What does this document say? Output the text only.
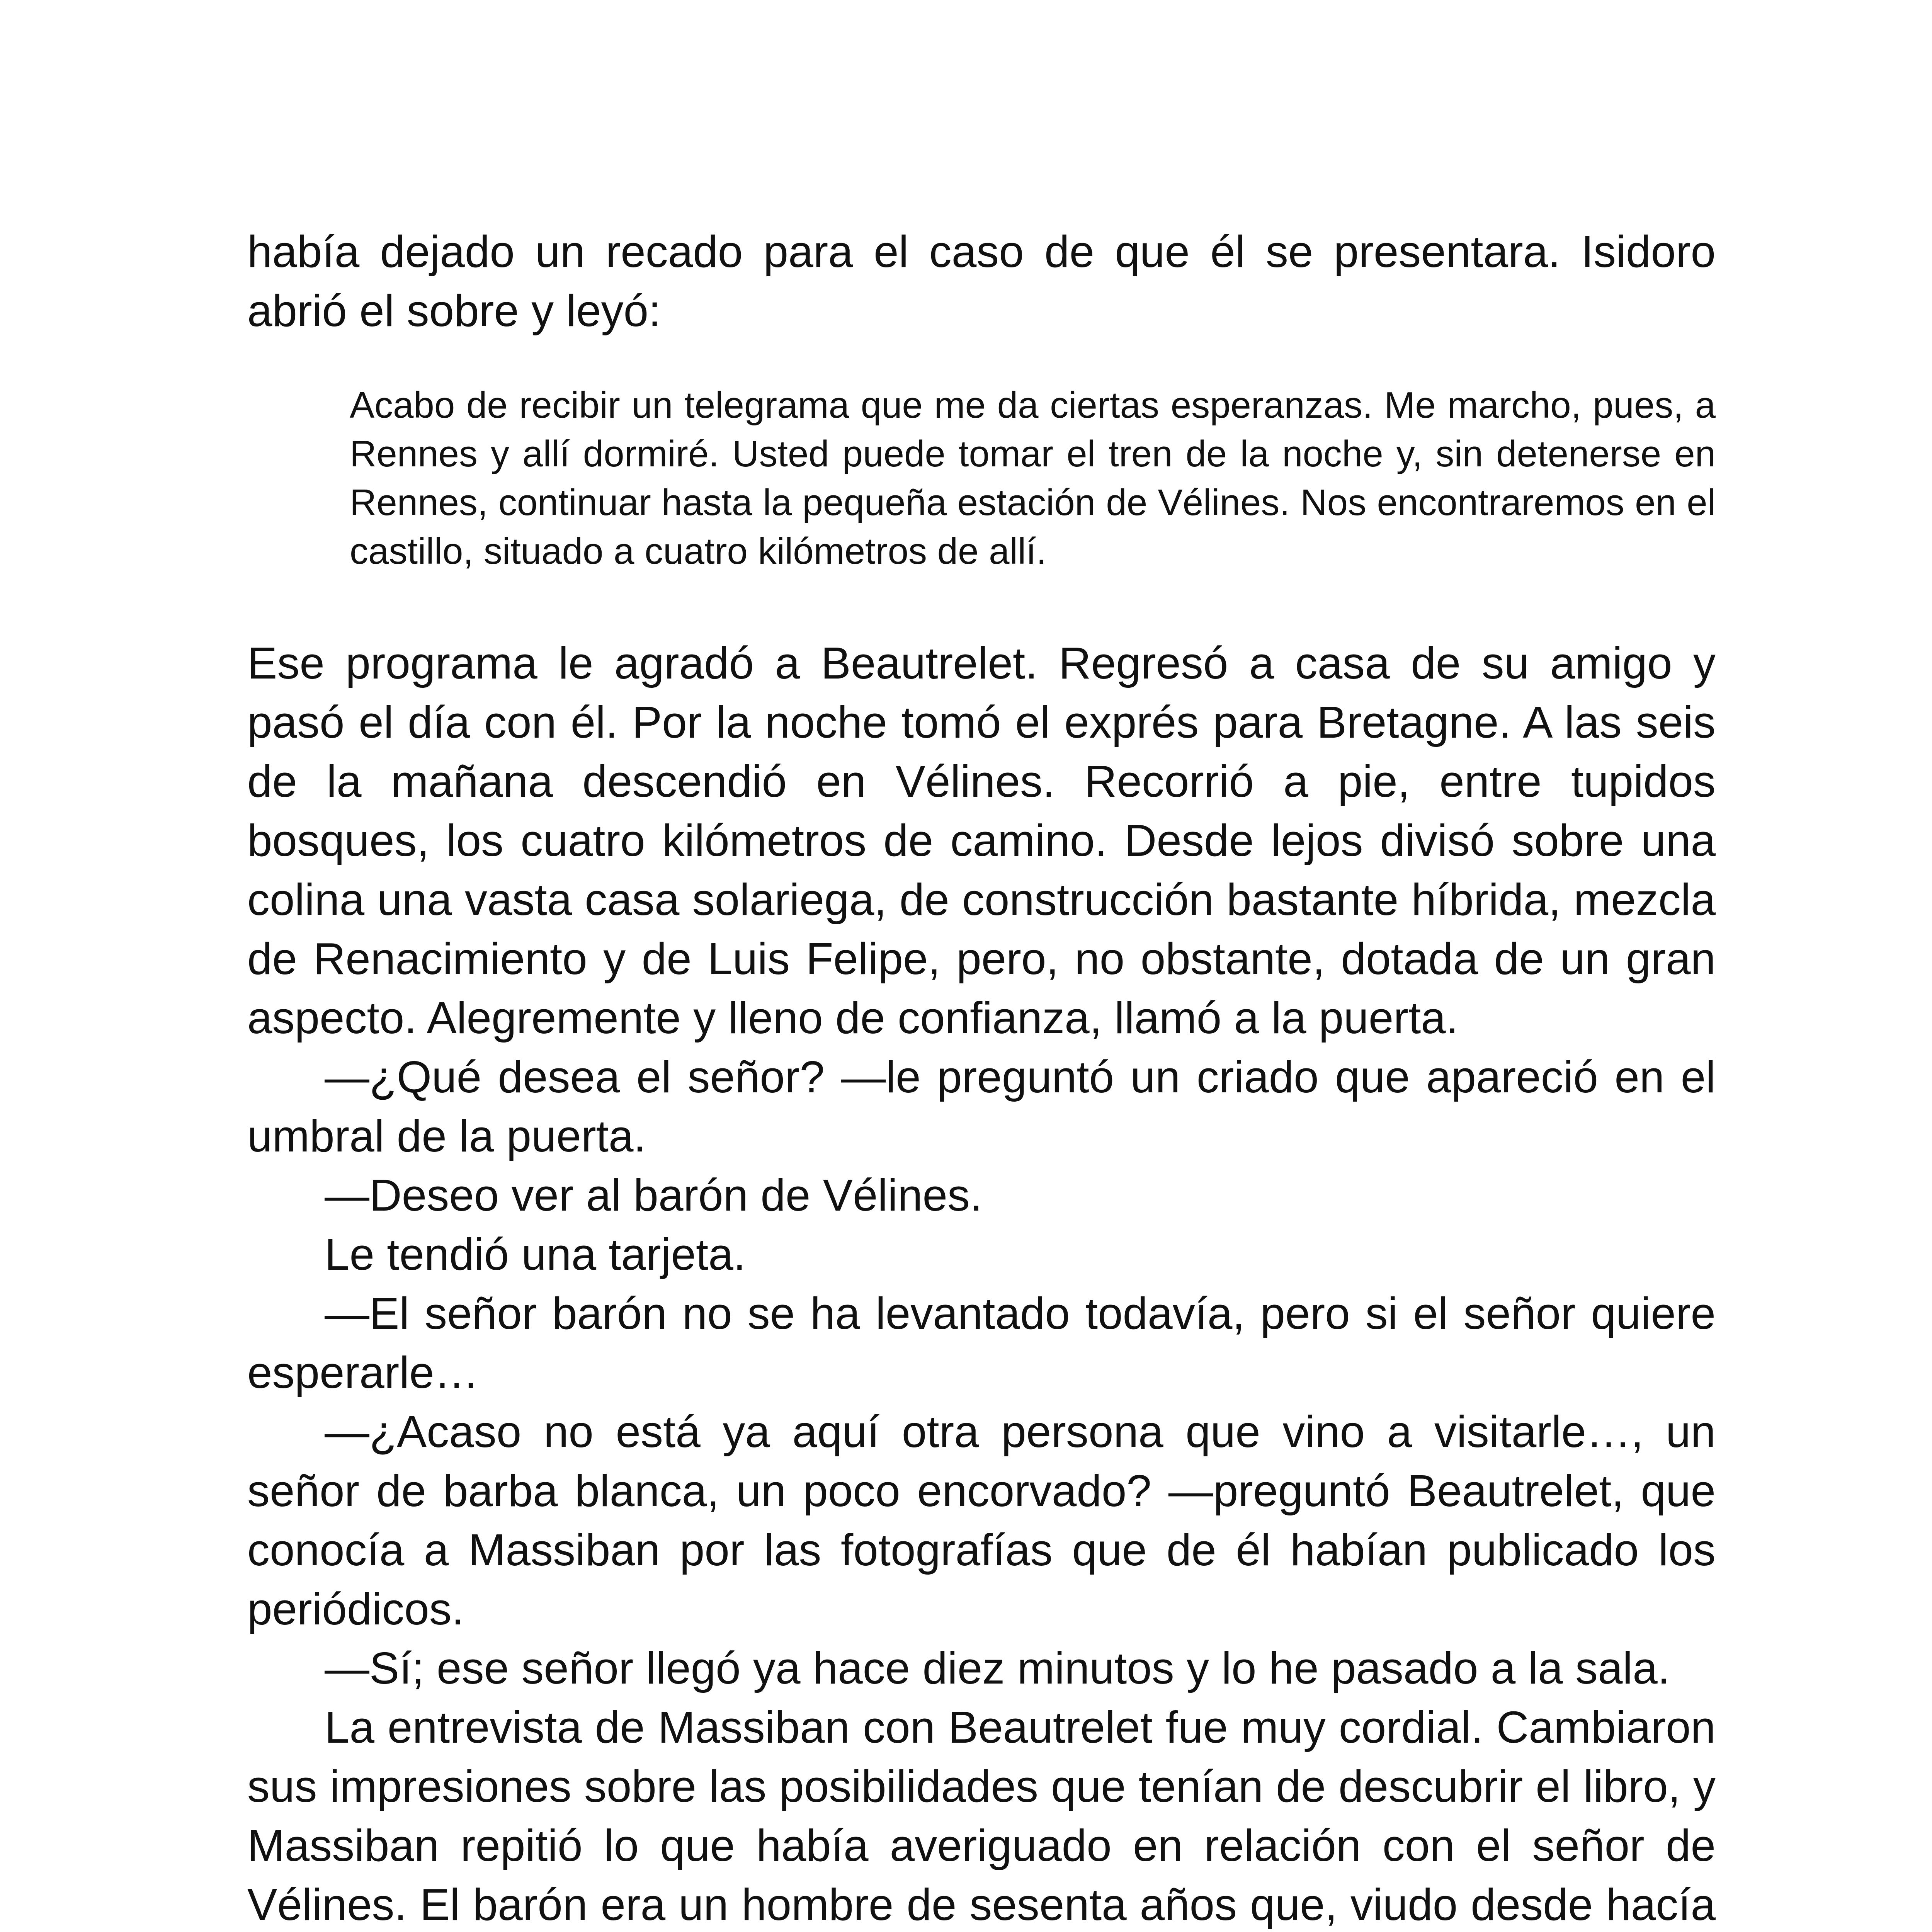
había dejado un recado para el caso de que él se presentara. Isidoro abrió el sobre y leyó:

Acabo de recibir un telegrama que me da ciertas esperanzas. Me marcho, pues, a Rennes y allí dormiré. Usted puede tomar el tren de la noche y, sin detenerse en Rennes, continuar hasta la pequeña estación de Vélines. Nos encontraremos en el castillo, situado a cuatro kilómetros de allí.

Ese programa le agradó a Beautrelet. Regresó a casa de su amigo y pasó el día con él. Por la noche tomó el exprés para Bretagne. A las seis de la mañana descendió en Vélines. Recorrió a pie, entre tupidos bosques, los cuatro kilómetros de camino. Desde lejos divisó sobre una colina una vasta casa solariega, de construcción bastante híbrida, mezcla de Renacimiento y de Luis Felipe, pero, no obstante, dotada de un gran aspecto. Alegremente y lleno de confianza, llamó a la puerta.

—¿Qué desea el señor? —le preguntó un criado que apareció en el umbral de la puerta.

—Deseo ver al barón de Vélines.

Le tendió una tarjeta.

—El señor barón no se ha levantado todavía, pero si el señor quiere esperarle…

—¿Acaso no está ya aquí otra persona que vino a visitarle…, un señor de barba blanca, un poco encorvado? —preguntó Beautrelet, que conocía a Massiban por las fotografías que de él habían publicado los periódicos.

—Sí; ese señor llegó ya hace diez minutos y lo he pasado a la sala.

La entrevista de Massiban con Beautrelet fue muy cordial. Cambiaron sus impresiones sobre las posibilidades que tenían de descubrir el libro, y Massiban repitió lo que había averiguado en relación con el señor de Vélines. El barón era un hombre de sesenta años que, viudo desde hacía
